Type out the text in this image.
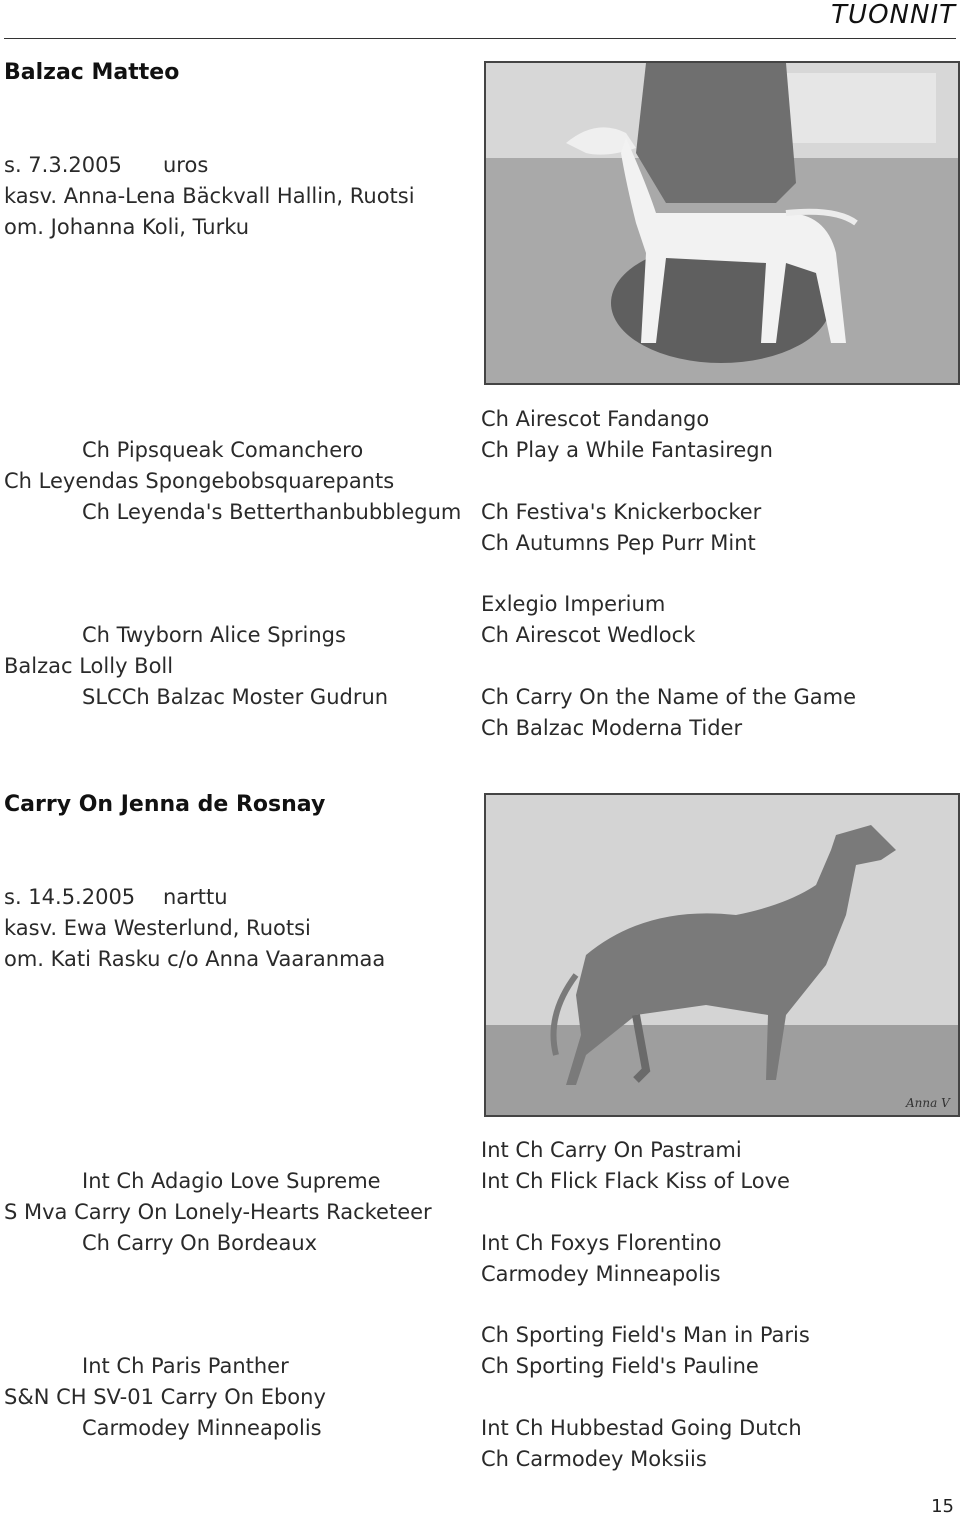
TUONNIT
Balzac Matteo
s. 7.3.2005 uros
kasv. Anna-Lena Bäckvall Hallin, Ruotsi
om. Johanna Koli, Turku
Ch Pipsqueak Comanchero
Ch Leyendas Spongebobsquarepants
Ch Leyenda's Betterthanbubblegum
Ch Twyborn Alice Springs
Balzac Lolly Boll
SLCCh Balzac Moster Gudrun
Ch Airescot Fandango
Ch Play a While Fantasiregn
Ch Festiva's Knickerbocker
Ch Autumns Pep Purr Mint
Exlegio Imperium
Ch Airescot Wedlock
Ch Carry On the Name of the Game
Ch Balzac Moderna Tider
Carry On Jenna de Rosnay
s. 14.5.2005 narttu
kasv. Ewa Westerlund, Ruotsi
om. Kati Rasku c/o Anna Vaaranmaa
Anna V
Int Ch Adagio Love Supreme
S Mva Carry On Lonely-Hearts Racketeer
Ch Carry On Bordeaux
Int Ch Paris Panther
S&N CH SV-01 Carry On Ebony
Carmodey Minneapolis
Int Ch Carry On Pastrami
Int Ch Flick Flack Kiss of Love
Int Ch Foxys Florentino
Carmodey Minneapolis
Ch Sporting Field's Man in Paris
Ch Sporting Field's Pauline
Int Ch Hubbestad Going Dutch
Ch Carmodey Moksiis
15
